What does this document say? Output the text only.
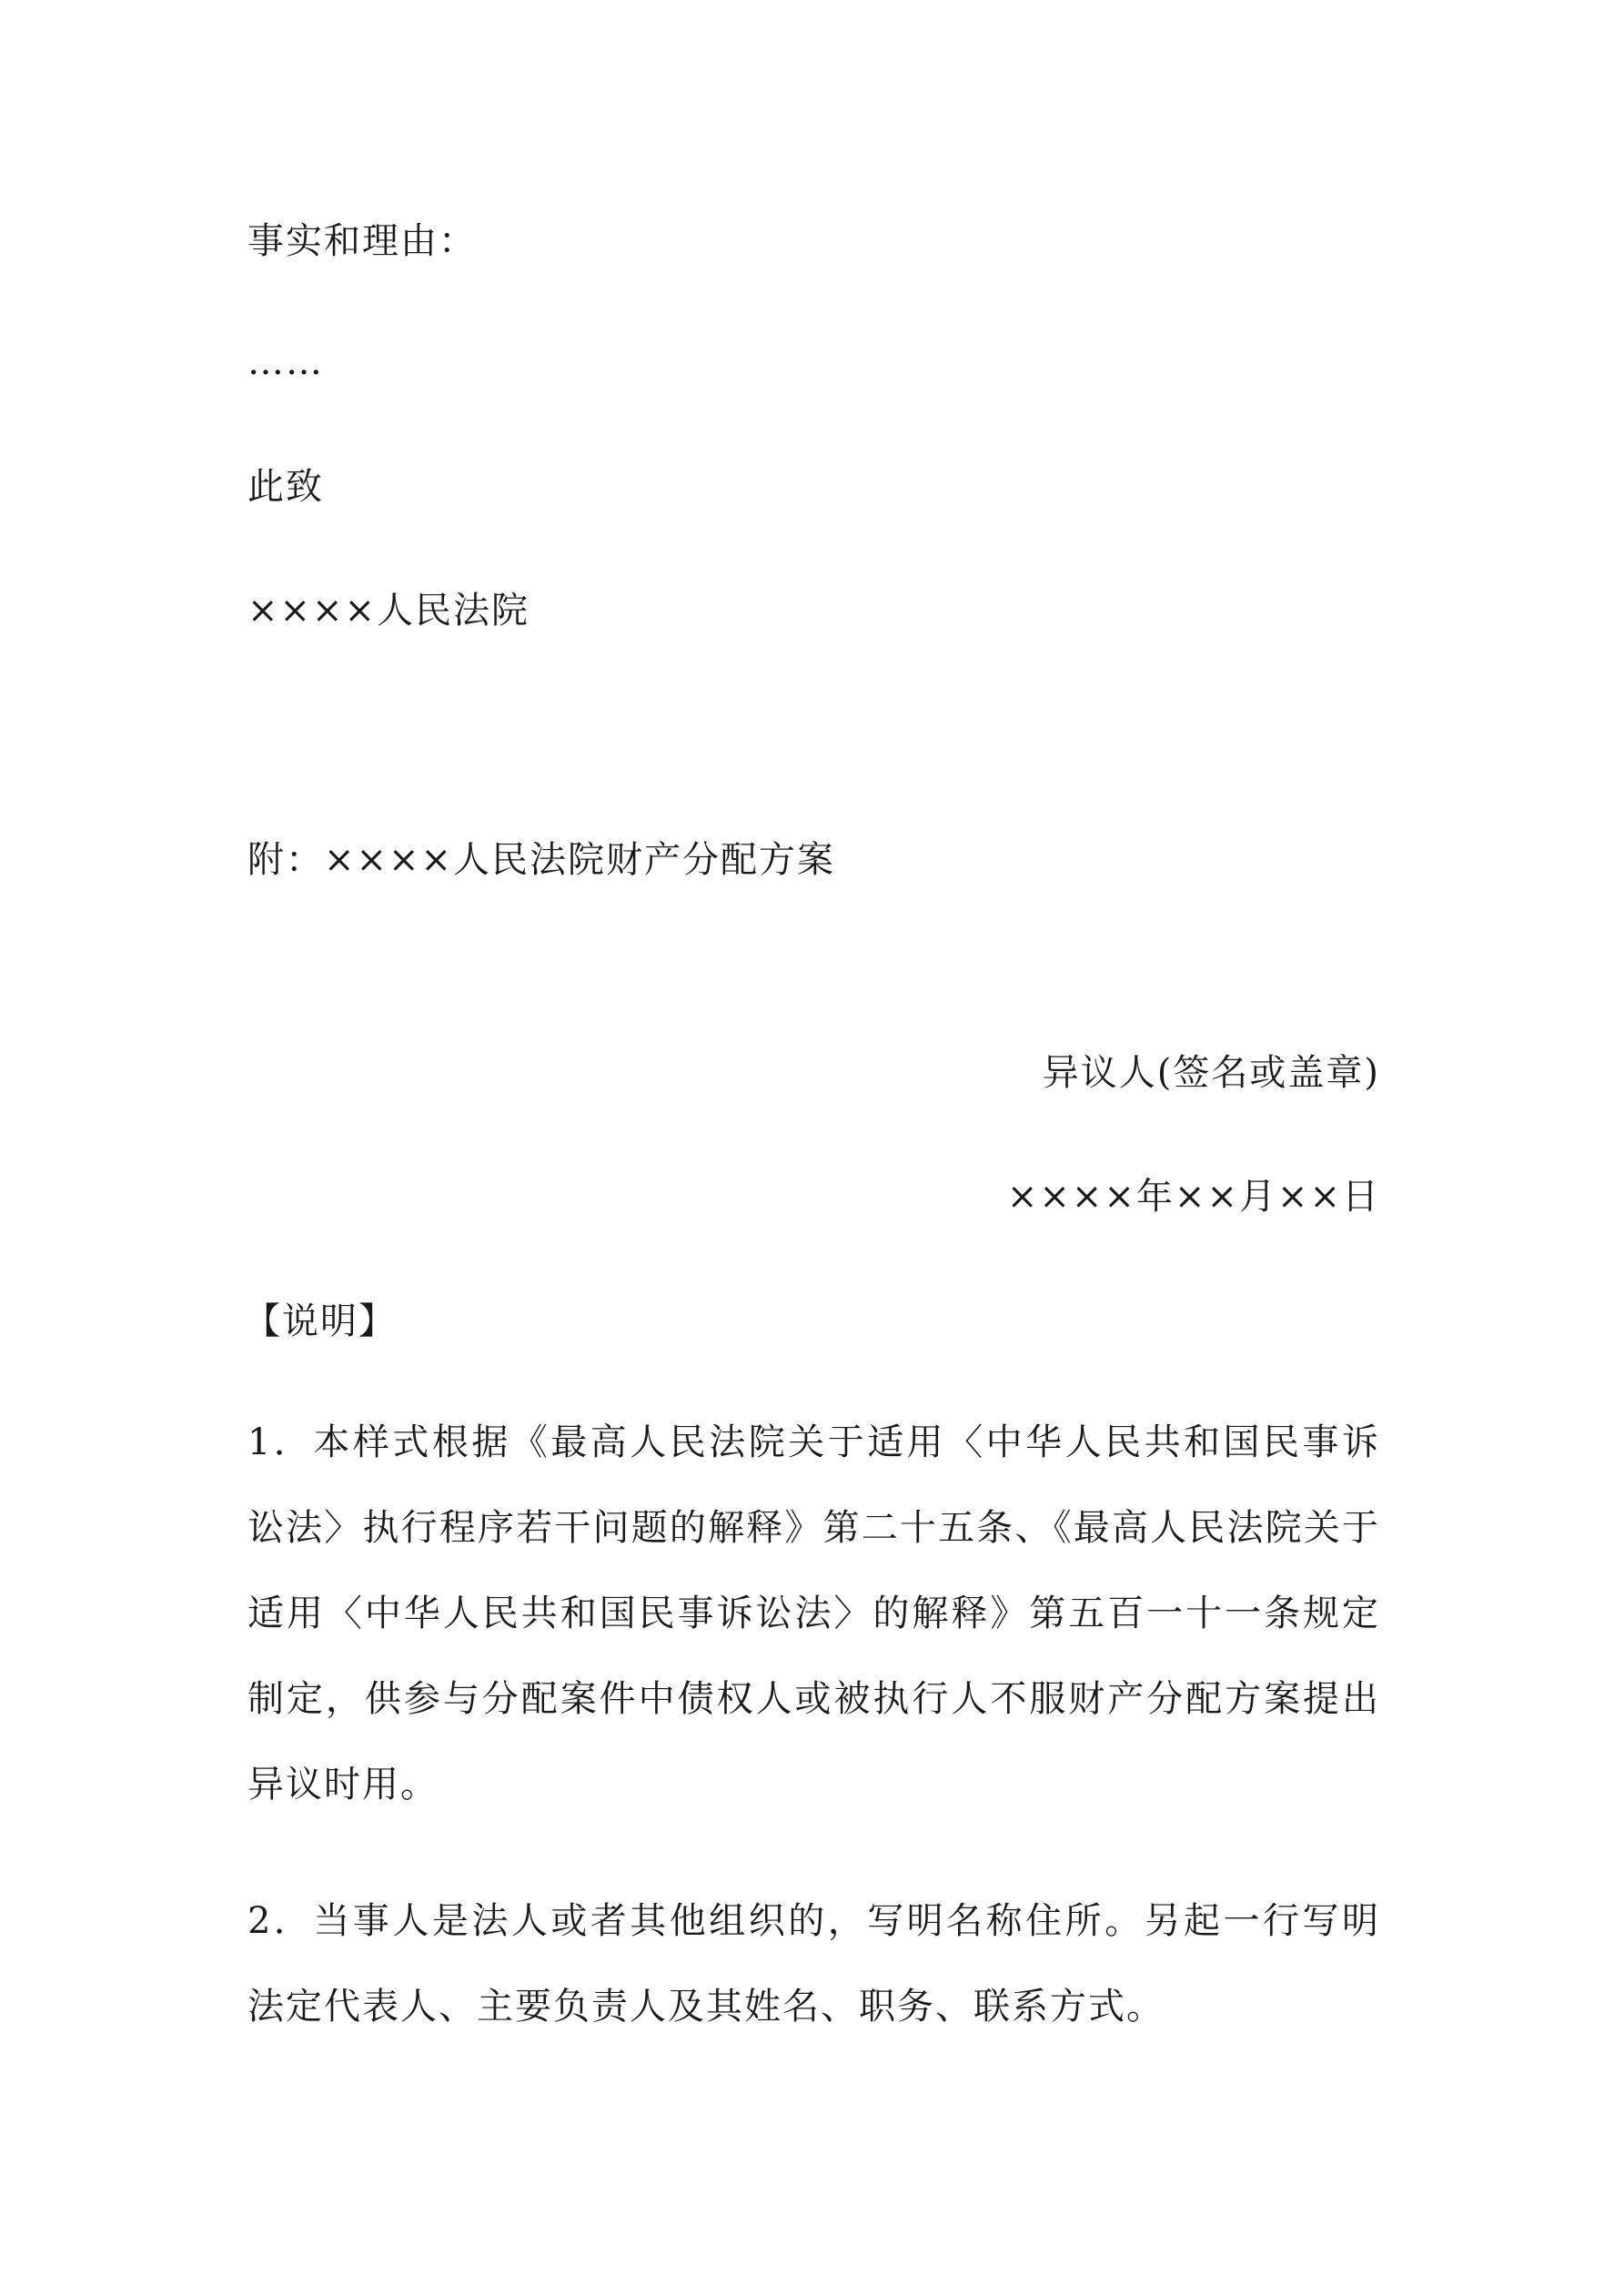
事实和理由：
……
此致
××××人民法院
附：××××人民法院财产分配方案
异议人(签名或盖章)
××××年××月××日
【说明】
1．本样式根据《最高人民法院关于适用〈中华人民共和国民事诉讼法〉执行程序若干问题的解释》第二十五条、《最高人民法院关于适用〈中华人民共和国民事诉讼法〉的解释》第五百一十一条规定制定，供参与分配案件中债权人或被执行人不服财产分配方案提出异议时用。
2．当事人是法人或者其他组织的，写明名称住所。另起一行写明法定代表人、主要负责人及其姓名、职务、联系方式。
